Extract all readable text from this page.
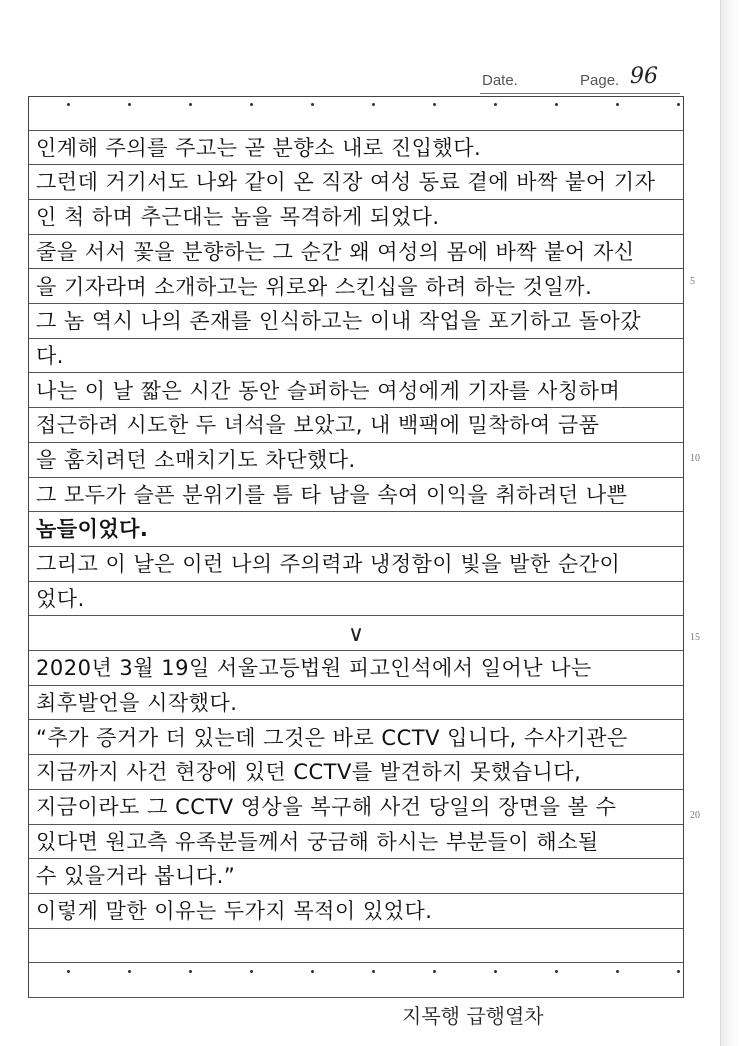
Date.	Page. 96
인계해 주의를 주고는 곧 분향소 내로 진입했다.
그런데 거기서도 나와 같이 온 직장 여성 동료 곁에 바짝 붙어 기자
인 척 하며 추근대는 놈을 목격하게 되었다.
줄을 서서 꽃을 분향하는 그 순간 왜 여성의 몸에 바짝 붙어 자신
을 기자라며 소개하고는 위로와 스킨십을 하려 하는 것일까.
그 놈 역시 나의 존재를 인식하고는 이내 작업을 포기하고 돌아갔
다.
나는 이 날 짧은 시간 동안 슬퍼하는 여성에게 기자를 사칭하며
접근하려 시도한 두 녀석을 보았고, 내 백팩에 밀착하여 금품
을 훔치려던 소매치기도 차단했다.
그 모두가 슬픈 분위기를 틈 타 남을 속여 이익을 취하려던 나쁜
놈들이었다.
그리고 이 날은 이런 나의 주의력과 냉정함이 빛을 발한 순간이
었다.
∨
2020년 3월 19일 서울고등법원 피고인석에서 일어난 나는
최후발언을 시작했다.
“추가 증거가 더 있는데 그것은 바로 CCTV 입니다, 수사기관은
지금까지 사건 현장에 있던 CCTV를 발견하지 못했습니다,
지금이라도 그 CCTV 영상을 복구해 사건 당일의 장면을 볼 수
있다면 원고측 유족분들께서 궁금해 하시는 부분들이 해소될
수 있을거라 봅니다.”
이렇게 말한 이유는 두가지 목적이 있었다.
5
10
15
20
지목행 급행열차
